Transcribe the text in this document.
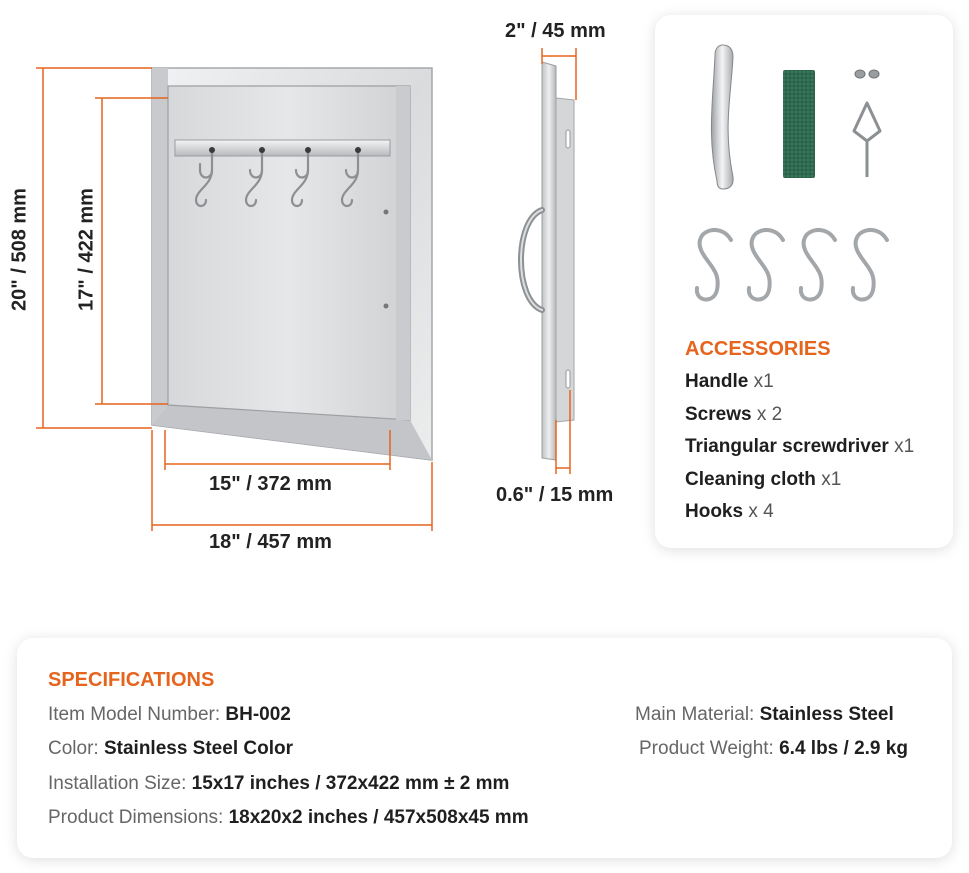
20" / 508 mm 17" / 422 mm
15" / 372 mm
18" / 457 mm
2" / 45 mm
0.6" / 15 mm
ACCESSORIES
Handle x1
Screws x 2
Triangular screwdriver x1
Cleaning cloth x1
Hooks x 4
SPECIFICATIONS
Item Model Number: BH-002
Color: Stainless Steel Color
Installation Size: 15x17 inches / 372x422 mm ± 2 mm
Product Dimensions: 18x20x2 inches / 457x508x45 mm
Main Material: Stainless Steel
Product Weight: 6.4 lbs / 2.9 kg
